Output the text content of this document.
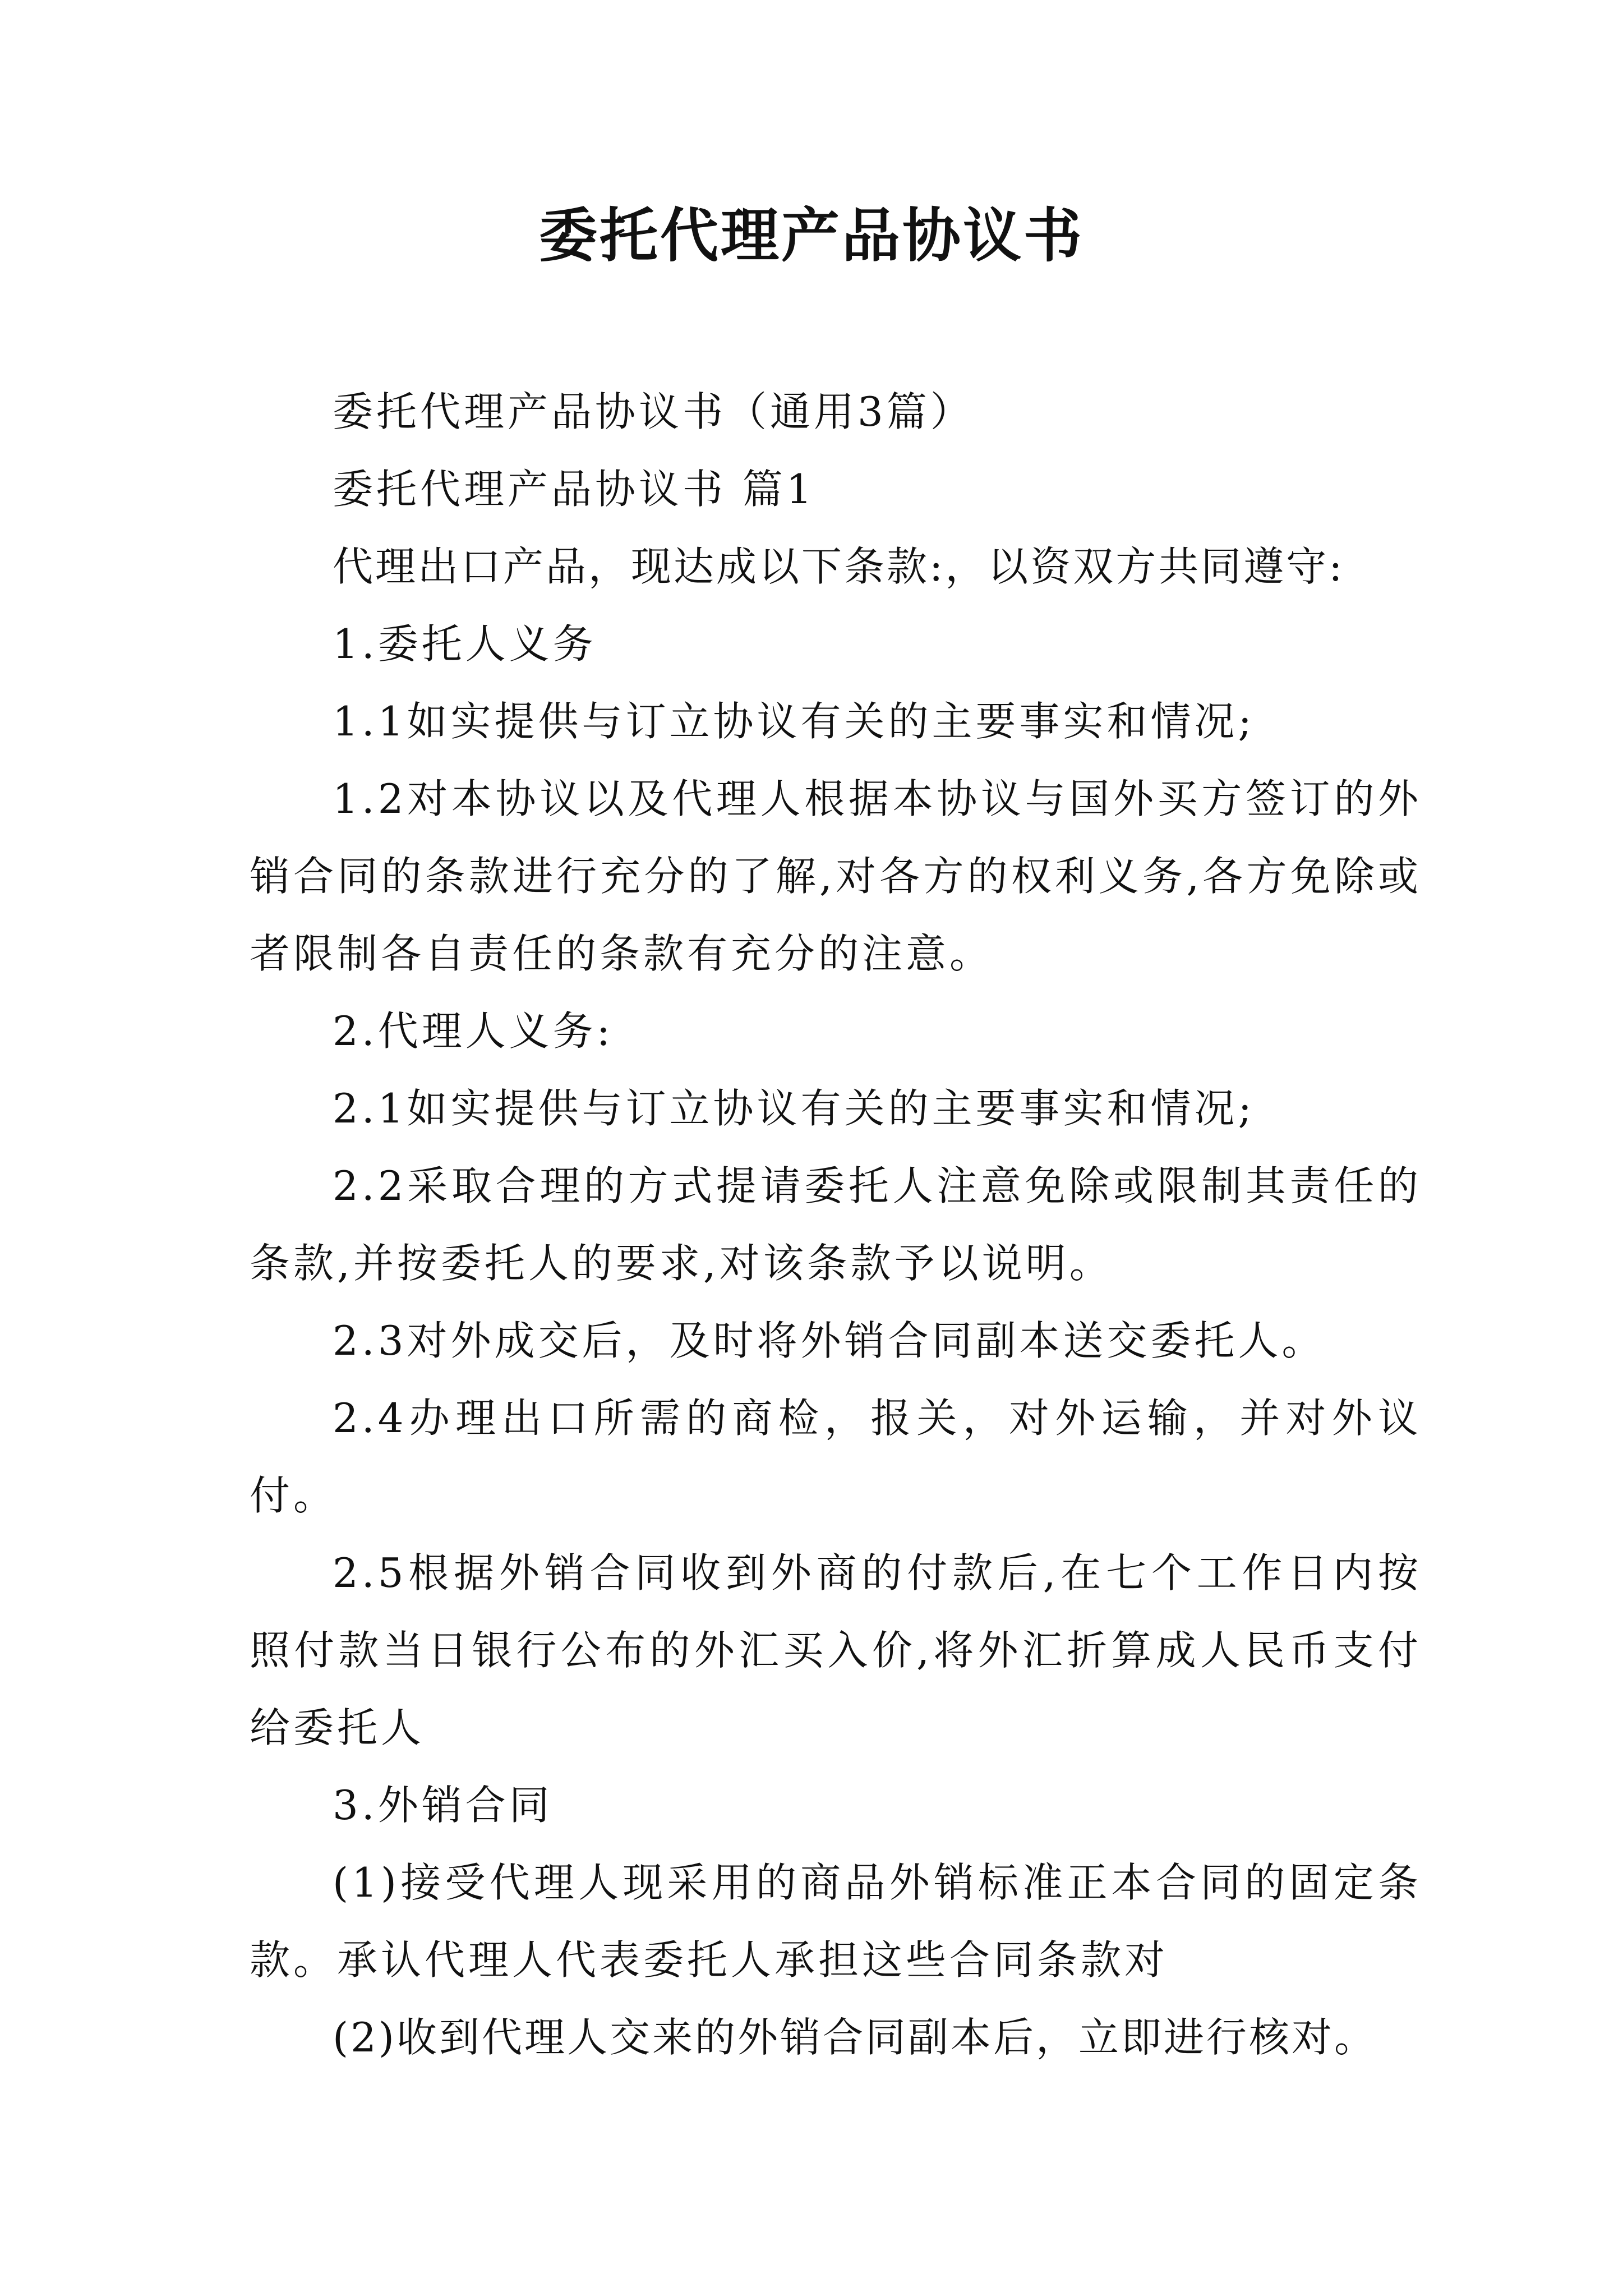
委托代理产品协议书

委托代理产品协议书（通用3篇）

委托代理产品协议书 篇1

代理出口产品，现达成以下条款:，以资双方共同遵守:

1.委托人义务

1.1如实提供与订立协议有关的主要事实和情况;

1.2对本协议以及代理人根据本协议与国外买方签订的外销合同的条款进行充分的了解,对各方的权利义务,各方免除或者限制各自责任的条款有充分的注意。

2.代理人义务:

2.1如实提供与订立协议有关的主要事实和情况;

2.2采取合理的方式提请委托人注意免除或限制其责任的条款,并按委托人的要求,对该条款予以说明。

2.3对外成交后，及时将外销合同副本送交委托人。

2.4办理出口所需的商检，报关，对外运输，并对外议付。

2.5根据外销合同收到外商的付款后,在七个工作日内按照付款当日银行公布的外汇买入价,将外汇折算成人民币支付给委托人

3.外销合同

(1)接受代理人现采用的商品外销标准正本合同的固定条款。承认代理人代表委托人承担这些合同条款对

(2)收到代理人交来的外销合同副本后，立即进行核对。
